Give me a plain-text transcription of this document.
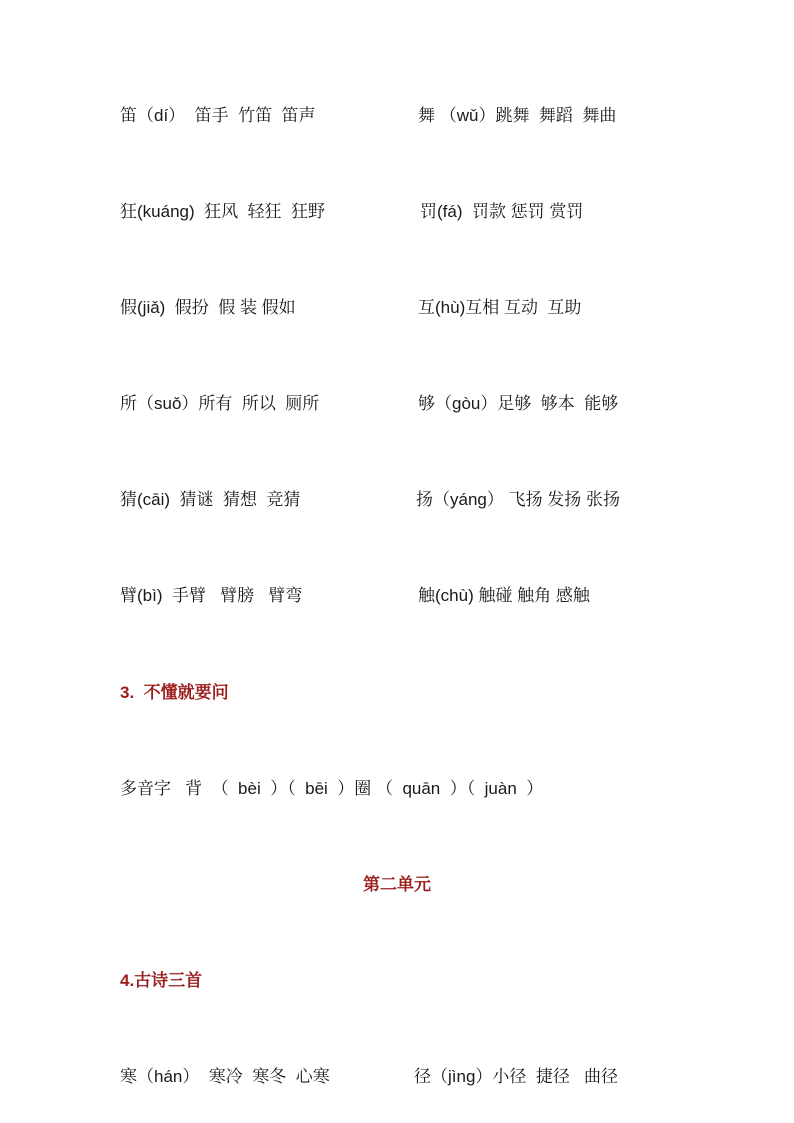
笛（dí）  笛手  竹笛  笛声	舞 （wǔ）跳舞  舞蹈  舞曲
狂(kuáng)  狂风  轻狂  狂野	罚(fá)  罚款 惩罚 赏罚
假(jiǎ)  假扮  假 装 假如	互(hù)互相 互动  互助
所（suǒ）所有  所以  厕所	够（gòu）足够  够本  能够
猜(cāi)  猜谜  猜想  竞猜	扬（yáng） 飞扬 发扬 张扬
臂(bì)  手臂   臂膀   臂弯	触(chù) 触碰 触角 感触
3.  不懂就要问
多音字   背  （  bèi  ）（  bēi  ）圈 （  quān  ）（  juàn  ）
第二单元
4.古诗三首
寒（hán）  寒冷  寒冬  心寒	径（jìng）小径  捷径   曲径
